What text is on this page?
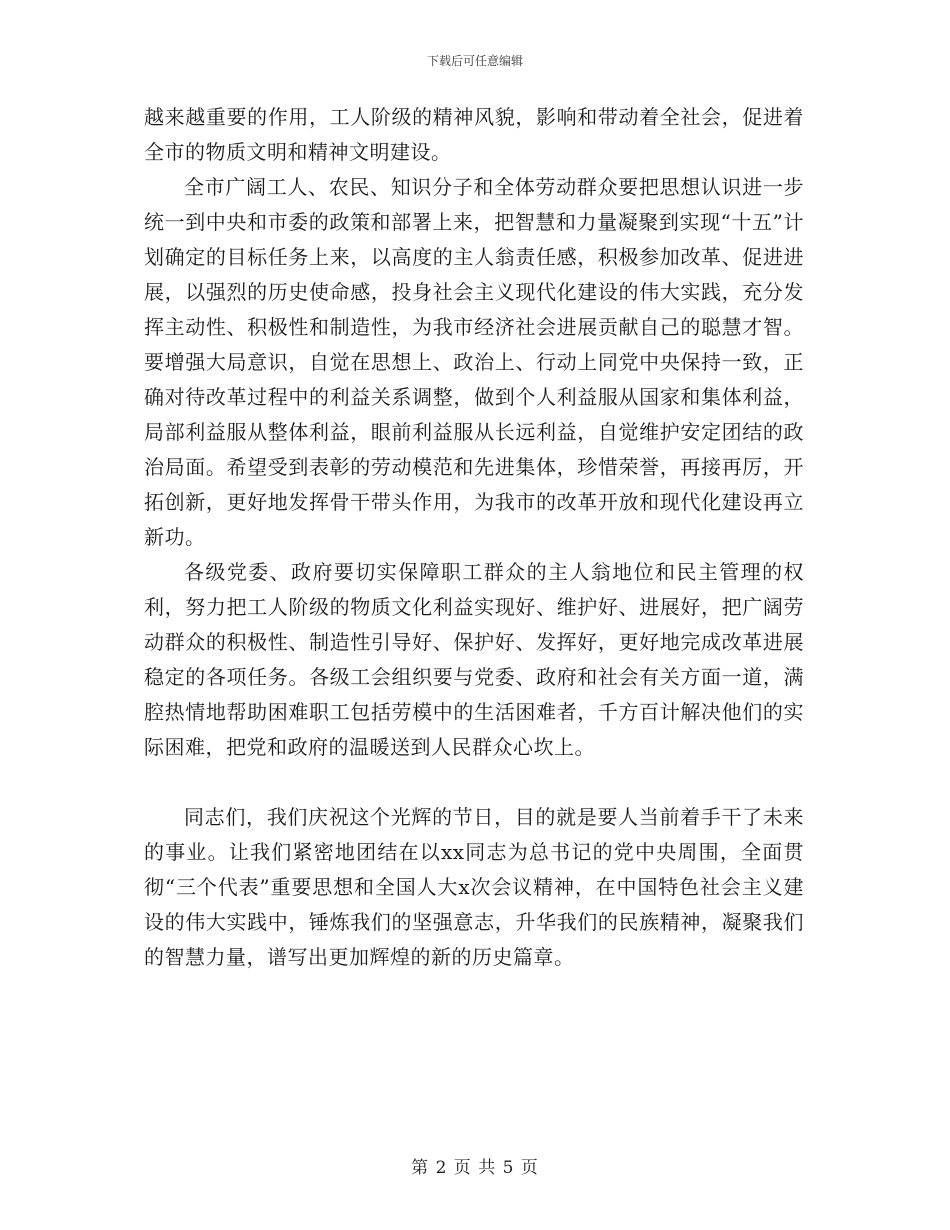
下载后可任意编辑

越来越重要的作用，工人阶级的精神风貌，影响和带动着全社会，促进着全市的物质文明和精神文明建设。

全市广阔工人、农民、知识分子和全体劳动群众要把思想认识进一步统一到中央和市委的政策和部署上来，把智慧和力量凝聚到实现“十五”计划确定的目标任务上来，以高度的主人翁责任感，积极参加改革、促进进展，以强烈的历史使命感，投身社会主义现代化建设的伟大实践，充分发挥主动性、积极性和制造性，为我市经济社会进展贡献自己的聪慧才智。要增强大局意识，自觉在思想上、政治上、行动上同党中央保持一致，正确对待改革过程中的利益关系调整，做到个人利益服从国家和集体利益，局部利益服从整体利益，眼前利益服从长远利益，自觉维护安定团结的政治局面。希望受到表彰的劳动模范和先进集体，珍惜荣誉，再接再厉，开拓创新，更好地发挥骨干带头作用，为我市的改革开放和现代化建设再立新功。

各级党委、政府要切实保障职工群众的主人翁地位和民主管理的权利，努力把工人阶级的物质文化利益实现好、维护好、进展好，把广阔劳动群众的积极性、制造性引导好、保护好、发挥好，更好地完成改革进展稳定的各项任务。各级工会组织要与党委、政府和社会有关方面一道，满腔热情地帮助困难职工包括劳模中的生活困难者，千方百计解决他们的实际困难，把党和政府的温暖送到人民群众心坎上。

同志们，我们庆祝这个光辉的节日，目的就是要人当前着手干了未来的事业。让我们紧密地团结在以xx同志为总书记的党中央周围，全面贯彻“三个代表”重要思想和全国人大x次会议精神，在中国特色社会主义建设的伟大实践中，锤炼我们的坚强意志，升华我们的民族精神，凝聚我们的智慧力量，谱写出更加辉煌的新的历史篇章。

第 2 页 共 5 页
